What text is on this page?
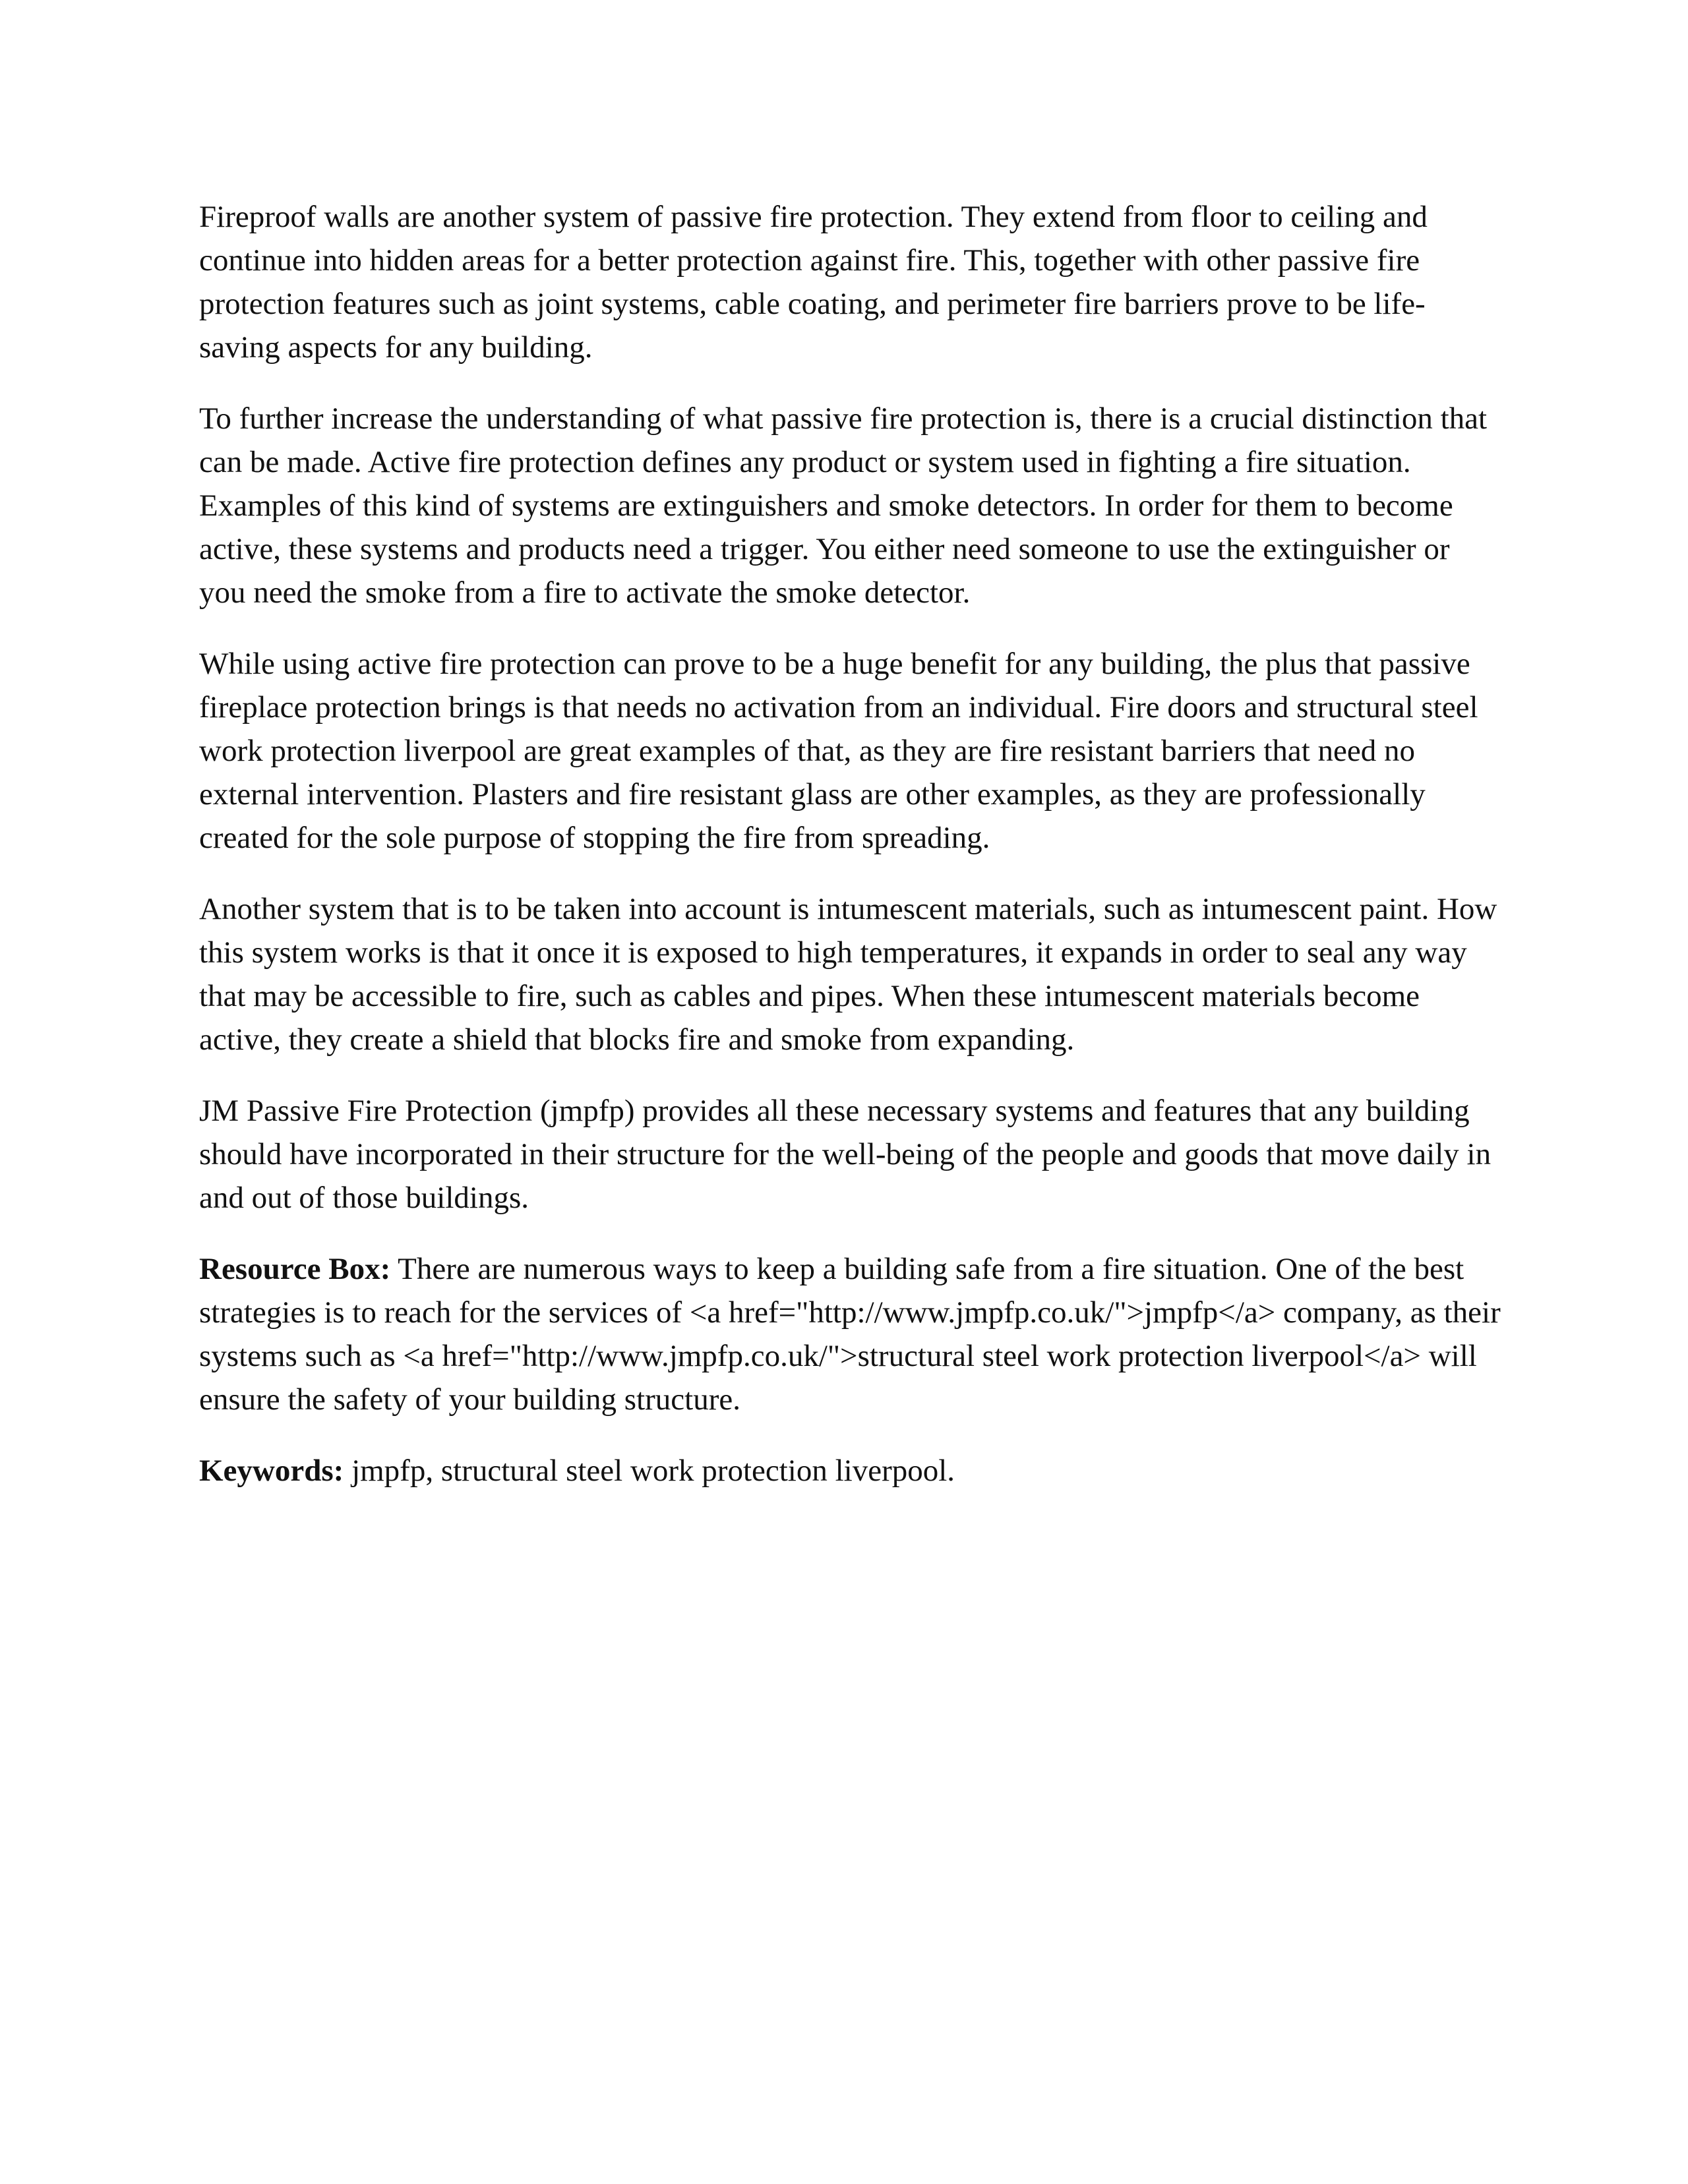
Fireproof walls are another system of passive fire protection. They extend from floor to ceiling and continue into hidden areas for a better protection against fire. This, together with other passive fire protection features such as joint systems, cable coating, and perimeter fire barriers prove to be life-saving aspects for any building.

To further increase the understanding of what passive fire protection is, there is a crucial distinction that can be made. Active fire protection defines any product or system used in fighting a fire situation. Examples of this kind of systems are extinguishers and smoke detectors. In order for them to become active, these systems and products need a trigger. You either need someone to use the extinguisher or you need the smoke from a fire to activate the smoke detector.

While using active fire protection can prove to be a huge benefit for any building, the plus that passive fireplace protection brings is that needs no activation from an individual. Fire doors and structural steel work protection liverpool are great examples of that, as they are fire resistant barriers that need no external intervention. Plasters and fire resistant glass are other examples, as they are professionally created for the sole purpose of stopping the fire from spreading.

Another system that is to be taken into account is intumescent materials, such as intumescent paint. How this system works is that it once it is exposed to high temperatures, it expands in order to seal any way that may be accessible to fire, such as cables and pipes. When these intumescent materials become active, they create a shield that blocks fire and smoke from expanding.

JM Passive Fire Protection (jmpfp) provides all these necessary systems and features that any building should have incorporated in their structure for the well-being of the people and goods that move daily in and out of those buildings.

Resource Box: There are numerous ways to keep a building safe from a fire situation. One of the best strategies is to reach for the services of <a href="http://www.jmpfp.co.uk/">jmpfp</a> company, as their systems such as <a href="http://www.jmpfp.co.uk/">structural steel work protection liverpool</a> will ensure the safety of your building structure.

Keywords: jmpfp, structural steel work protection liverpool.
